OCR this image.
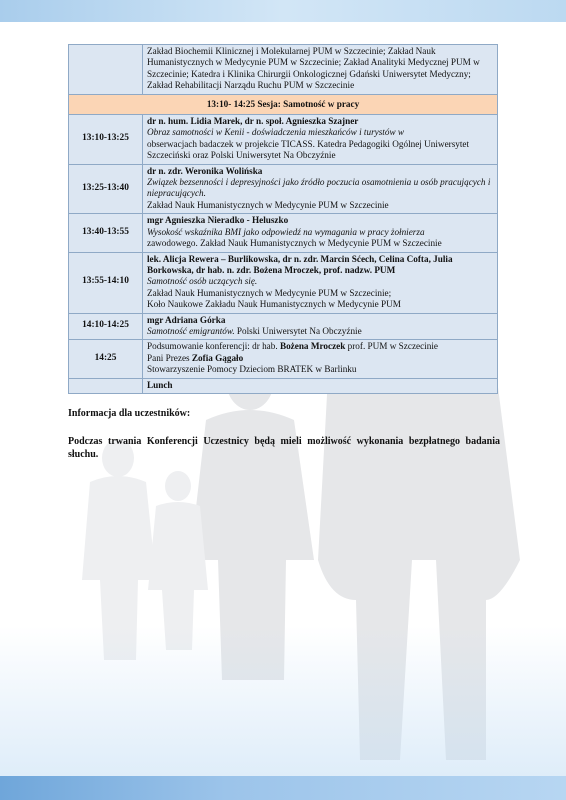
	Zakład Biochemii Klinicznej i Molekularnej PUM w Szczecinie; Zakład Nauk Humanistycznych w Medycynie PUM w Szczecinie; Zakład Analityki Medycznej PUM w Szczecinie; Katedra i Klinika Chirurgii Onkologicznej Gdański Uniwersytet Medyczny; Zakład Rehabilitacji Narządu Ruchu PUM w Szczecinie

13:10- 14:25 Sesja: Samotność w pracy	
13:10-13:25	dr n. hum. Lidia Marek, dr n. społ. Agnieszka Szajner
Obraz samotności w Kenii - doświadczenia mieszkańców i turystów w
obserwacjach badaczek w projekcie TICASS. Katedra Pedagogiki Ogólnej Uniwersytet Szczeciński oraz Polski Uniwersytet Na Obczyźnie

13:25-13:40	dr n. zdr. Weronika Wolińska
Związek bezsenności i depresyjności jako źródło poczucia osamotnienia u osób pracujących i niepracujących.
Zakład Nauk Humanistycznych w Medycynie PUM w Szczecinie

13:40-13:55	mgr Agnieszka Nieradko - Heluszko
Wysokość wskaźnika BMI jako odpowiedź na wymagania w pracy żołnierza
zawodowego. Zakład Nauk Humanistycznych w Medycynie PUM w Szczecinie

13:55-14:10	lek. Alicja Rewera – Burlikowska, dr n. zdr. Marcin Sćech, Celina Cofta, Julia Borkowska, dr hab. n. zdr. Bożena Mroczek, prof. nadzw. PUM
Samotność osób uczących się.
Zakład Nauk Humanistycznych w Medycynie PUM w Szczecinie;
Koło Naukowe Zakładu Nauk Humanistycznych w Medycynie PUM

14:10-14:25	mgr Adriana Górka
Samotność emigrantów. Polski Uniwersytet Na Obczyźnie

14:25	Podsumowanie konferencji: dr hab. Bożena Mroczek prof. PUM w Szczecinie
Pani Prezes Zofia Gągało
Stowarzyszenie Pomocy Dzieciom BRATEK w Barlinku

	Lunch

Informacja dla uczestników:

Podczas trwania Konferencji Uczestnicy będą mieli możliwość wykonania bezpłatnego badania słuchu.
